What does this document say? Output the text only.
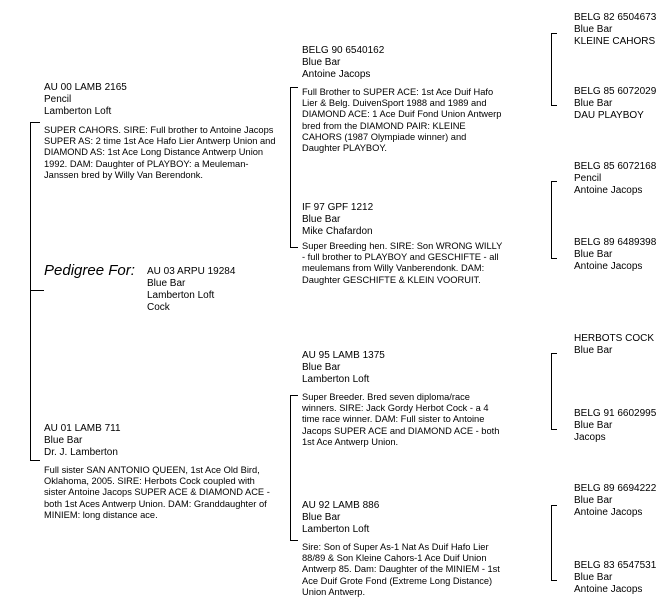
Pedigree For: AU 03 ARPU 19284
Blue Bar
Lamberton Loft
Cock
AU 00 LAMB 2165
Pencil
Lamberton Loft
SUPER CAHORS. SIRE: Full brother to Antoine Jacops SUPER AS: 2 time 1st Ace Hafo Lier Antwerp Union and DIAMOND AS: 1st Ace Long Distance Antwerp Union 1992. DAM: Daughter of PLAYBOY: a Meuleman-Janssen bred by Willy Van Berendonk.
AU 01 LAMB 711
Blue Bar
Dr. J. Lamberton
Full sister SAN ANTONIO QUEEN, 1st Ace Old Bird, Oklahoma, 2005. SIRE: Herbots Cock coupled with sister Antoine Jacops SUPER ACE & DIAMOND ACE - both 1st Aces Antwerp Union. DAM: Granddaughter of MINIEM: long distance ace.
BELG 90 6540162
Blue Bar
Antoine Jacops
Full Brother to SUPER ACE: 1st Ace Duif Hafo Lier & Belg. DuivenSport 1988 and 1989 and DIAMOND ACE: 1 Ace Duif Fond Union Antwerp bred from the DIAMOND PAIR: KLEINE CAHORS (1987 Olympiade winner) and Daughter PLAYBOY.
IF 97 GPF 1212
Blue Bar
Mike Chafardon
Super Breeding hen. SIRE: Son WRONG WILLY - full brother to PLAYBOY and GESCHIFTE - all meulemans from Willy Vanberendonk. DAM: Daughter GESCHIFTE & KLEIN VOORUIT.
AU 95 LAMB 1375
Blue Bar
Lamberton Loft
Super Breeder. Bred seven diploma/race winners. SIRE: Jack Gordy Herbot Cock - a 4 time race winner. DAM: Full sister to Antoine Jacops SUPER ACE and DIAMOND ACE - both 1st Ace Antwerp Union.
AU 92 LAMB 886
Blue Bar
Lamberton Loft
Sire: Son of Super As-1 Nat As Duif Hafo Lier 88/89 & Son Kleine Cahors-1 Ace Duif Union Antwerp 85. Dam: Daughter of the MINIEM - 1st Ace Duif Grote Fond (Extreme Long Distance) Union Antwerp.
BELG 82 6504673
Blue Bar
KLEINE CAHORS
BELG 85 6072029
Blue Bar
DAU PLAYBOY
BELG 85 6072168
Pencil
Antoine Jacops
BELG 89 6489398
Blue Bar
Antoine Jacops
HERBOTS COCK
Blue Bar
BELG 91 6602995
Blue Bar
Jacops
BELG 89 6694222
Blue Bar
Antoine Jacops
BELG 83 6547531
Blue Bar
Antoine Jacops
